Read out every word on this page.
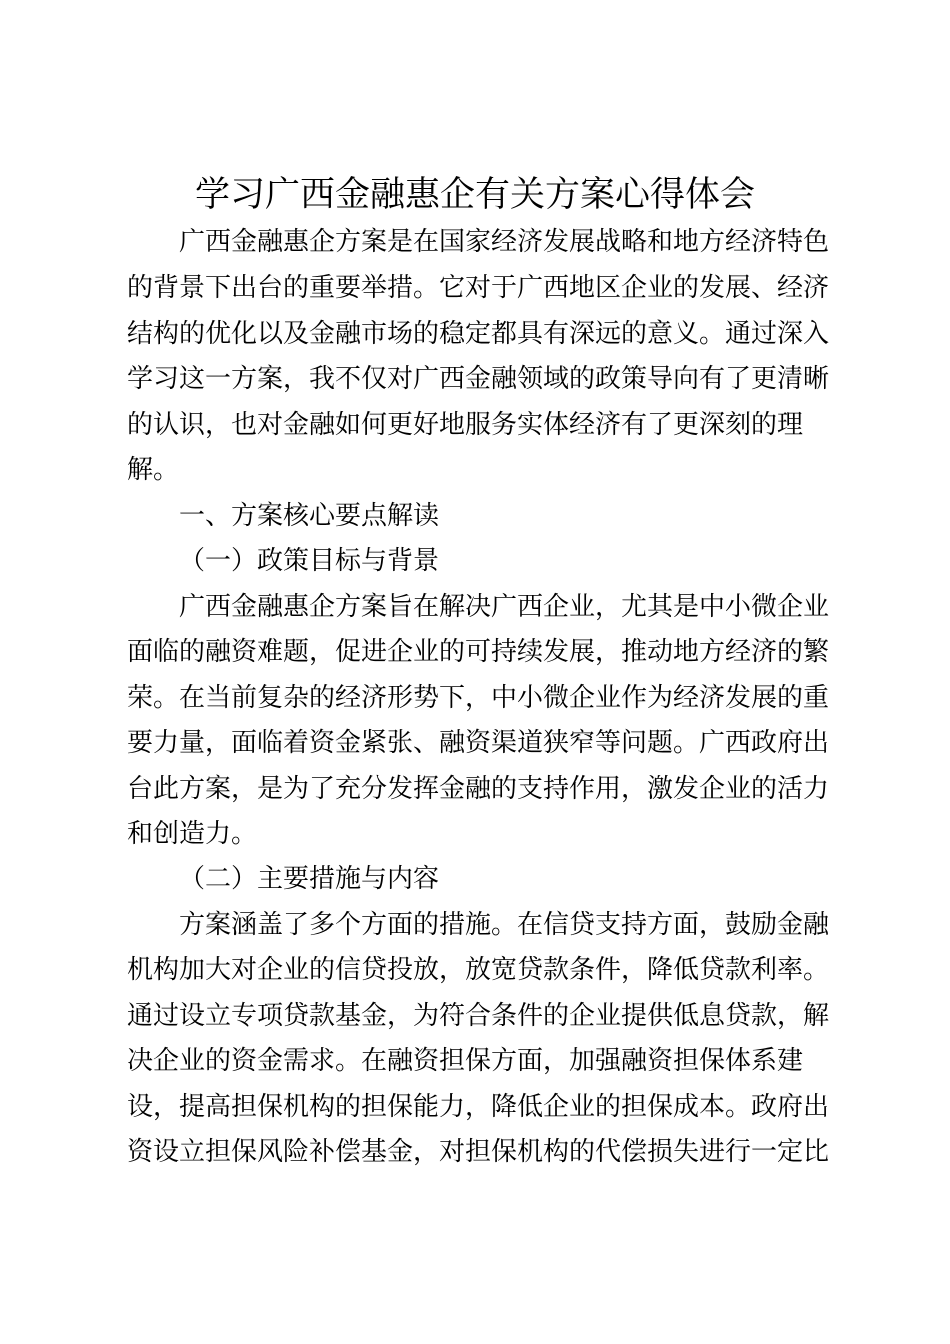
学习广西金融惠企有关方案心得体会
广西金融惠企方案是在国家经济发展战略和地方经济特色
的背景下出台的重要举措。它对于广西地区企业的发展、经济
结构的优化以及金融市场的稳定都具有深远的意义。通过深入
学习这一方案，我不仅对广西金融领域的政策导向有了更清晰
的认识，也对金融如何更好地服务实体经济有了更深刻的理
解。
一、方案核心要点解读
（一）政策目标与背景
广西金融惠企方案旨在解决广西企业，尤其是中小微企业
面临的融资难题，促进企业的可持续发展，推动地方经济的繁
荣。在当前复杂的经济形势下，中小微企业作为经济发展的重
要力量，面临着资金紧张、融资渠道狭窄等问题。广西政府出
台此方案，是为了充分发挥金融的支持作用，激发企业的活力
和创造力。
（二）主要措施与内容
方案涵盖了多个方面的措施。在信贷支持方面，鼓励金融
机构加大对企业的信贷投放，放宽贷款条件，降低贷款利率。
通过设立专项贷款基金，为符合条件的企业提供低息贷款，解
决企业的资金需求。在融资担保方面，加强融资担保体系建
设，提高担保机构的担保能力，降低企业的担保成本。政府出
资设立担保风险补偿基金，对担保机构的代偿损失进行一定比
